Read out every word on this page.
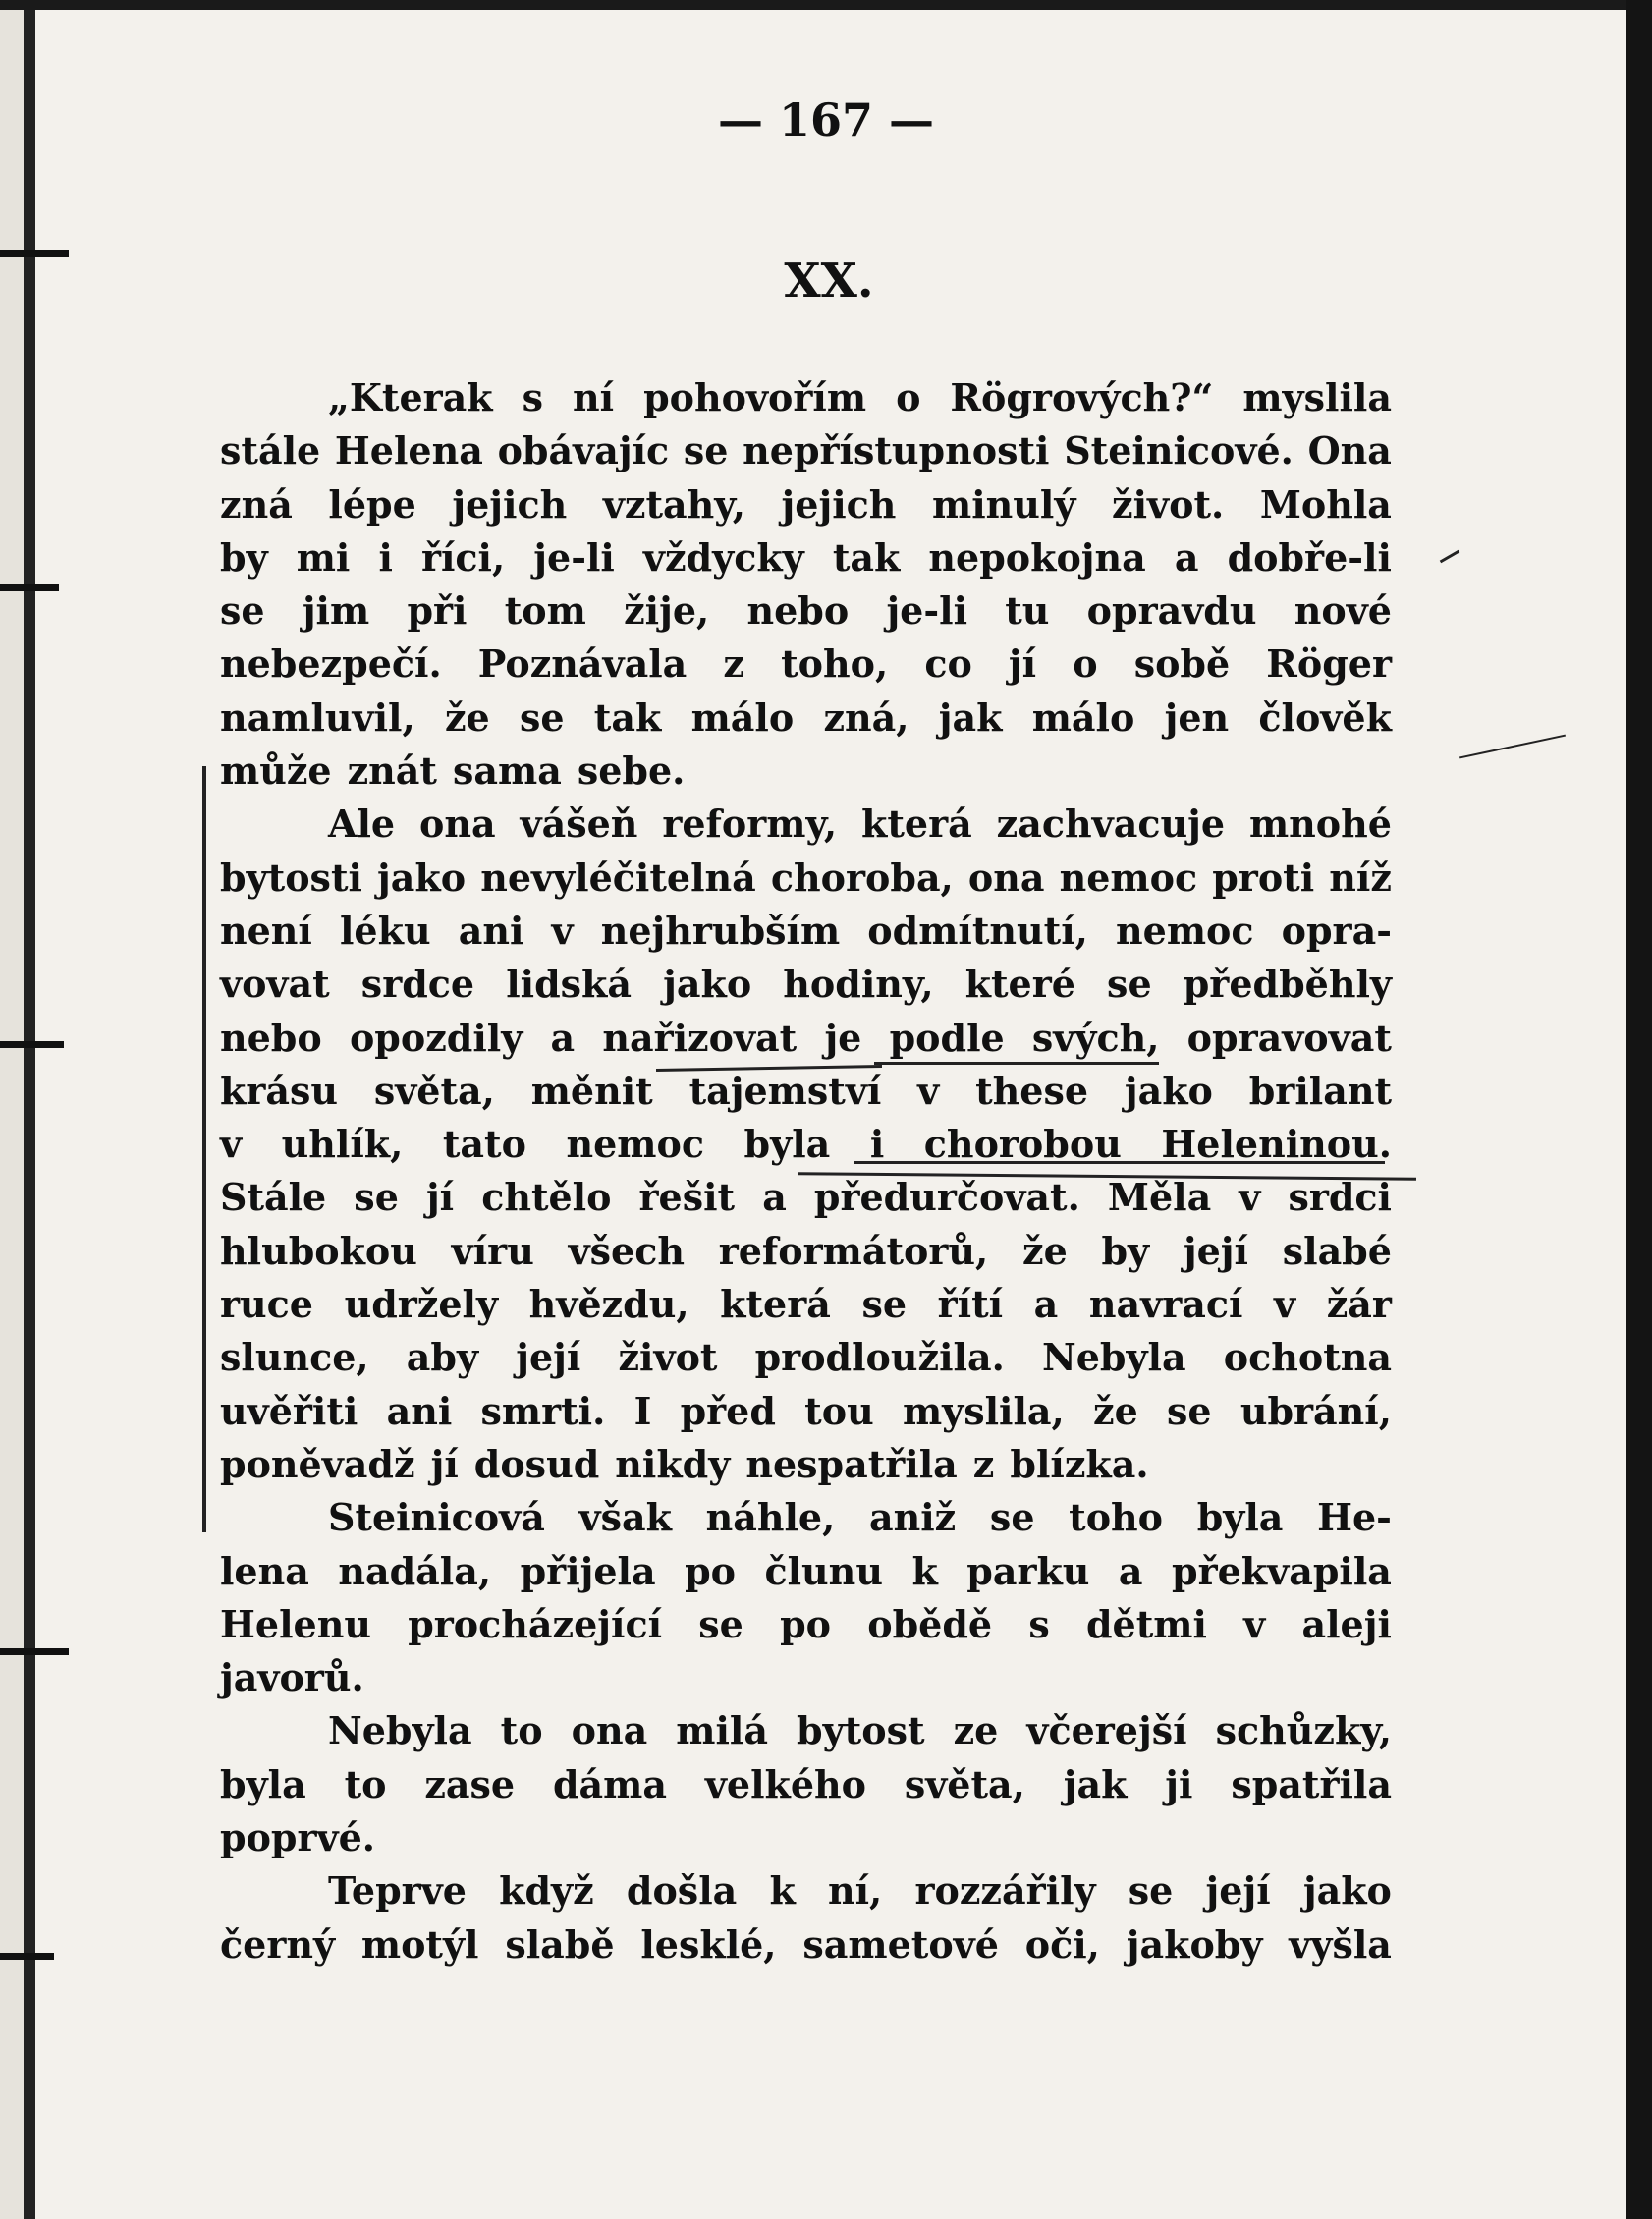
— 167 —
XX.
„Kterak s ní pohovořím o Rögrových?“ myslila
stále Helena obávajíc se nepřístupnosti Steinicové. Ona
zná lépe jejich vztahy, jejich minulý život. Mohla
by mi i říci, je-li vždycky tak nepokojna a dobře-li
se jim při tom žije, nebo je-li tu opravdu nové
nebezpečí. Poznávala z toho, co jí o sobě Röger
namluvil, že se tak málo zná, jak málo jen člověk
může znát sama sebe.
Ale ona vášeň reformy, která zachvacuje mnohé
bytosti jako nevyléčitelná choroba, ona nemoc proti níž
není léku ani v nejhrubším odmítnutí, nemoc opra-
vovat srdce lidská jako hodiny, které se předběhly
nebo opozdily a nařizovat je podle svých, opravovat
krásu světa, měnit tajemství v these jako brilant
v uhlík, tato nemoc byla i chorobou Heleninou.
Stále se jí chtělo řešit a předurčovat. Měla v srdci
hlubokou víru všech reformátorů, že by její slabé
ruce udržely hvězdu, která se řítí a navrací v žár
slunce, aby její život prodloužila. Nebyla ochotna
uvěřiti ani smrti. I před tou myslila, že se ubrání,
poněvadž jí dosud nikdy nespatřila z blízka.
Steinicová však náhle, aniž se toho byla He-
lena nadála, přijela po člunu k parku a překvapila
Helenu procházející se po obědě s dětmi v aleji
javorů.
Nebyla to ona milá bytost ze včerejší schůzky,
byla to zase dáma velkého světa, jak ji spatřila
poprvé.
Teprve když došla k ní, rozzářily se její jako
černý motýl slabě lesklé, sametové oči, jakoby vyšla
